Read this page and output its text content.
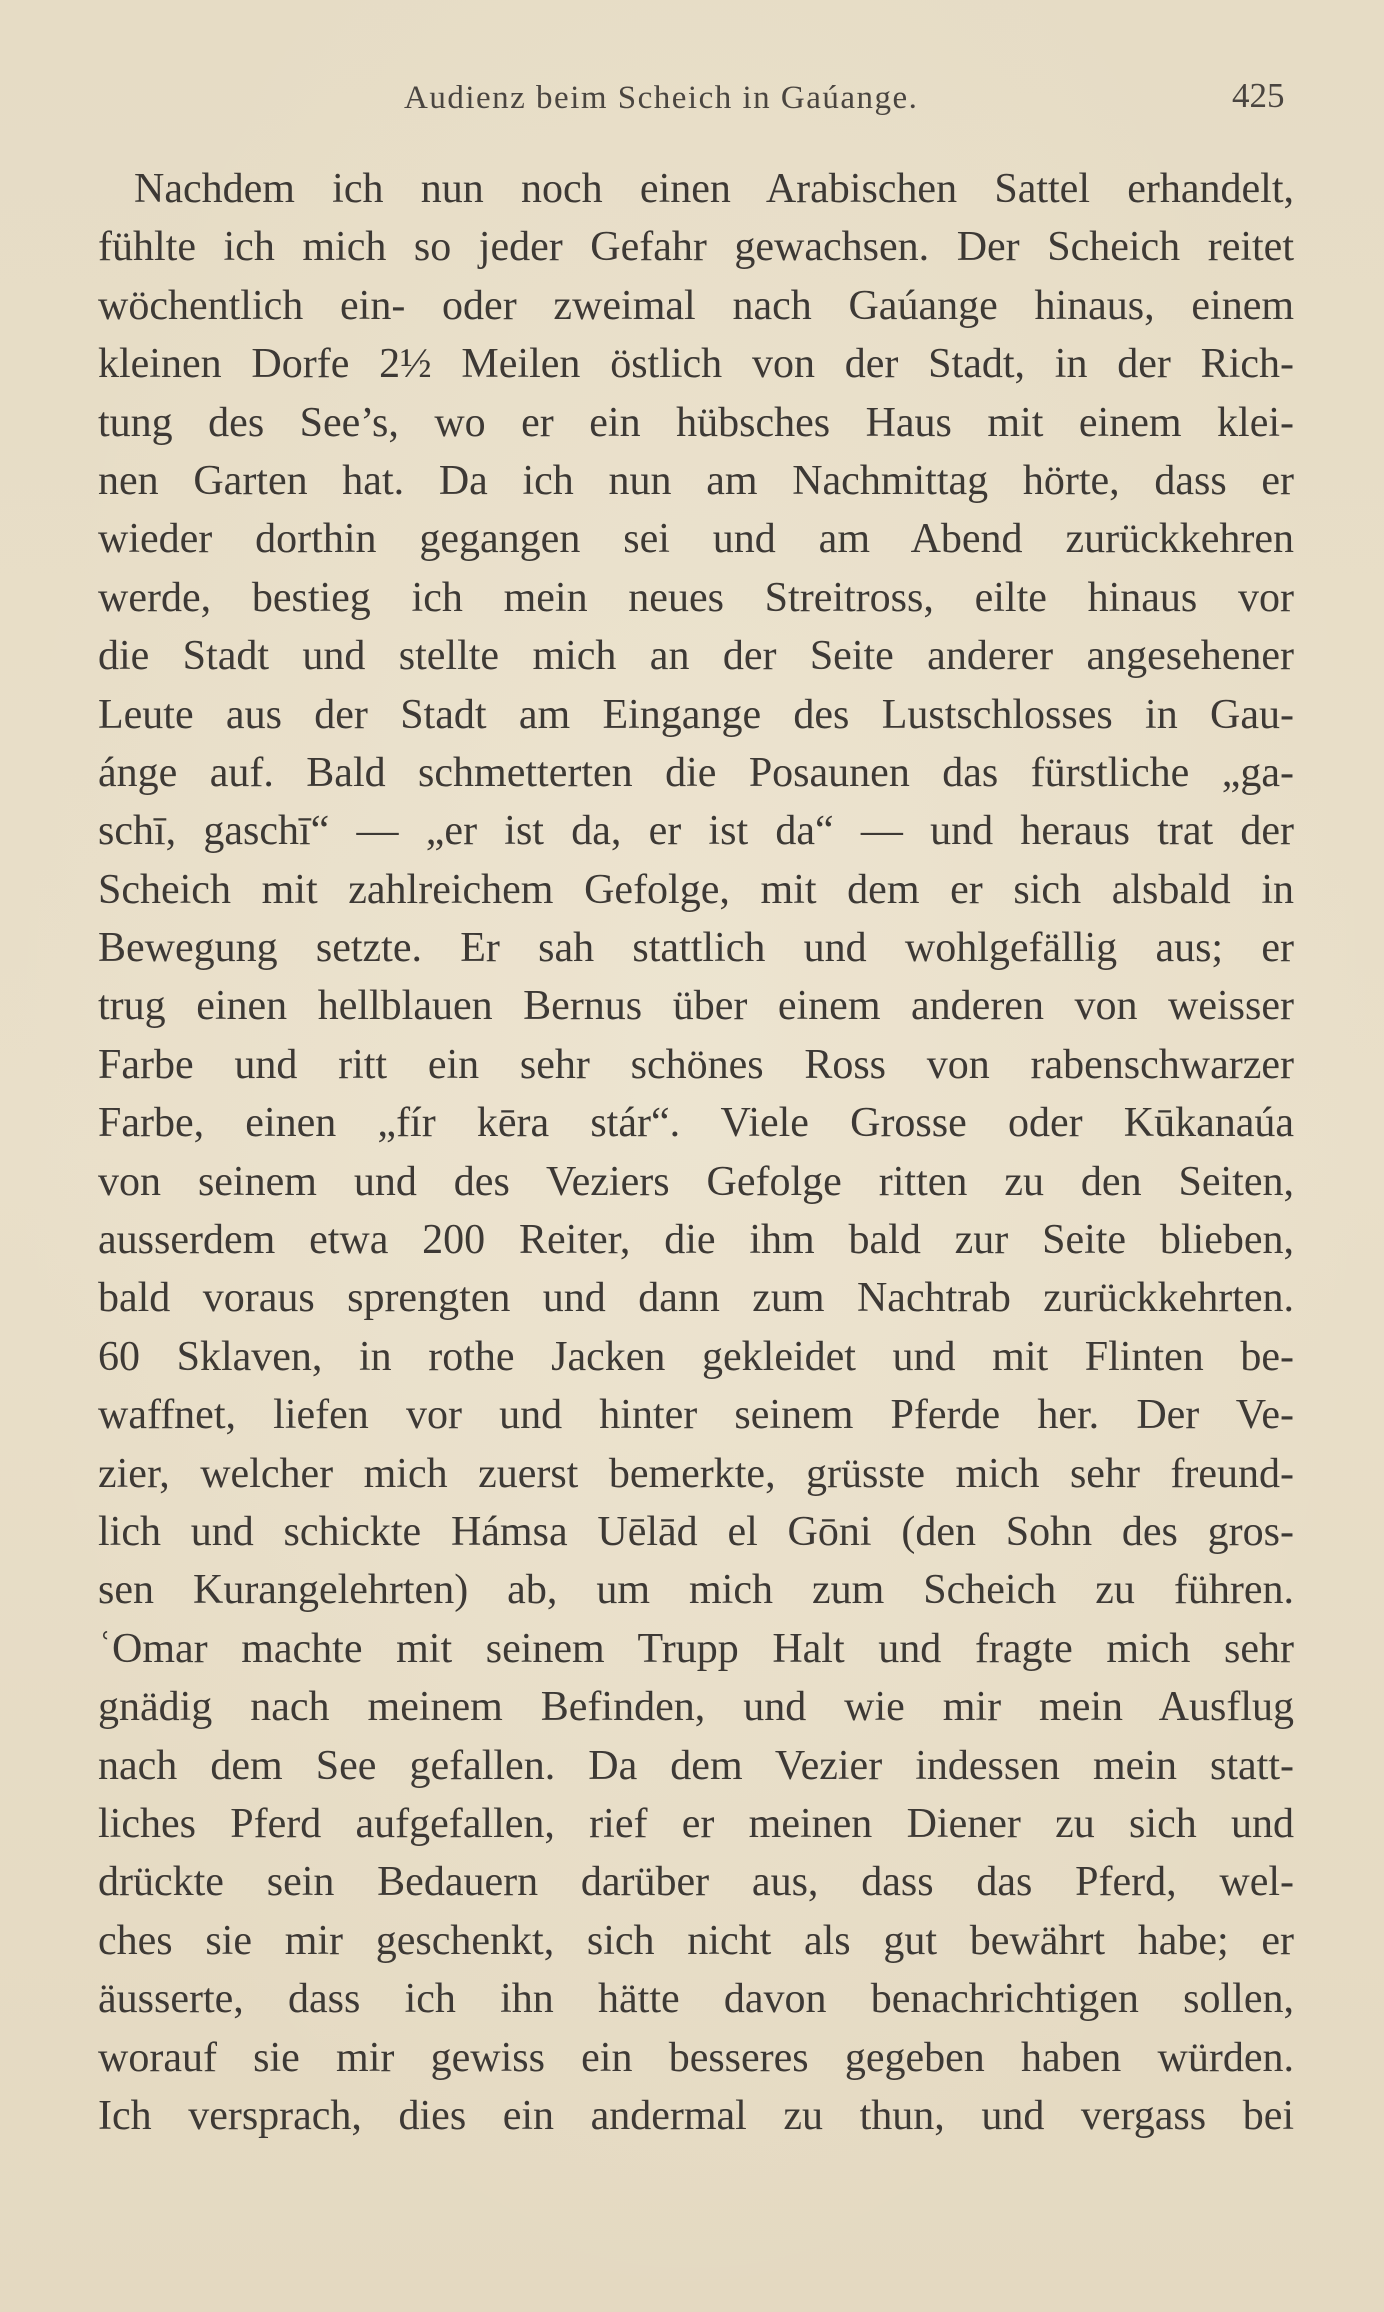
Audienz beim Scheich in Gaúange.	425
Nachdem ich nun noch einen Arabischen Sattel erhandelt,
fühlte ich mich so jeder Gefahr gewachsen. Der Scheich reitet
wöchentlich ein- oder zweimal nach Gaúange hinaus, einem
kleinen Dorfe 2½ Meilen östlich von der Stadt, in der Rich-
tung des See’s, wo er ein hübsches Haus mit einem klei-
nen Garten hat. Da ich nun am Nachmittag hörte, dass er
wieder dorthin gegangen sei und am Abend zurückkehren
werde, bestieg ich mein neues Streitross, eilte hinaus vor
die Stadt und stellte mich an der Seite anderer angesehener
Leute aus der Stadt am Eingange des Lustschlosses in Gau-
ánge auf. Bald schmetterten die Posaunen das fürstliche „ga-
schī, gaschī“ — „er ist da, er ist da“ — und heraus trat der
Scheich mit zahlreichem Gefolge, mit dem er sich alsbald in
Bewegung setzte. Er sah stattlich und wohlgefällig aus; er
trug einen hellblauen Bernus über einem anderen von weisser
Farbe und ritt ein sehr schönes Ross von rabenschwarzer
Farbe, einen „fír kēra stár“. Viele Grosse oder Kūkanaúa
von seinem und des Veziers Gefolge ritten zu den Seiten,
ausserdem etwa 200 Reiter, die ihm bald zur Seite blieben,
bald voraus sprengten und dann zum Nachtrab zurückkehrten.
60 Sklaven, in rothe Jacken gekleidet und mit Flinten be-
waffnet, liefen vor und hinter seinem Pferde her. Der Ve-
zier, welcher mich zuerst bemerkte, grüsste mich sehr freund-
lich und schickte Hámsa Uēlād el Gōni (den Sohn des gros-
sen Kurangelehrten) ab, um mich zum Scheich zu führen.
ʿOmar machte mit seinem Trupp Halt und fragte mich sehr
gnädig nach meinem Befinden, und wie mir mein Ausflug
nach dem See gefallen. Da dem Vezier indessen mein statt-
liches Pferd aufgefallen, rief er meinen Diener zu sich und
drückte sein Bedauern darüber aus, dass das Pferd, wel-
ches sie mir geschenkt, sich nicht als gut bewährt habe; er
äusserte, dass ich ihn hätte davon benachrichtigen sollen,
worauf sie mir gewiss ein besseres gegeben haben würden.
Ich versprach, dies ein andermal zu thun, und vergass bei
